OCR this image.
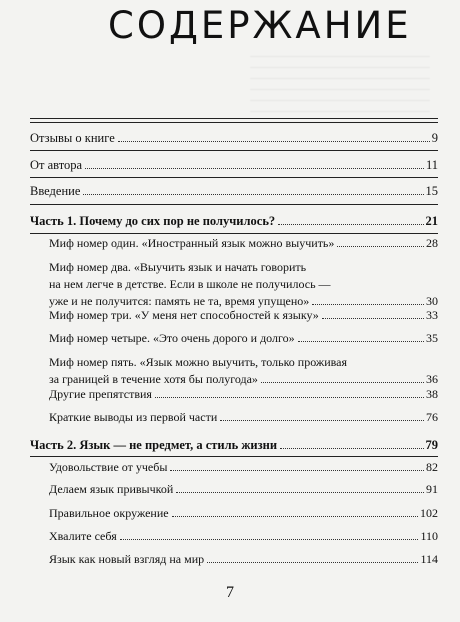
СОДЕРЖАНИЕ
Отзывы о книге	9
От автора	11
Введение	15
Часть 1. Почему до сих пор не получилось?	21
Миф номер один. «Иностранный язык можно выучить»	28
Миф номер два. «Выучить язык и начать говорить
на нем легче в детстве. Если в школе не получилось —
уже и не получится: память не та, время упущено»	30
Миф номер три. «У меня нет способностей к языку»	33
Миф номер четыре. «Это очень дорого и долго»	35
Миф номер пять. «Язык можно выучить, только проживая
за границей в течение хотя бы полугода»	36
Другие препятствия	38
Краткие выводы из первой части	76
Часть 2. Язык — не предмет, а стиль жизни	79
Удовольствие от учебы	82
Делаем язык привычкой	91
Правильное окружение	102
Хвалите себя	110
Язык как новый взгляд на мир	114
7
